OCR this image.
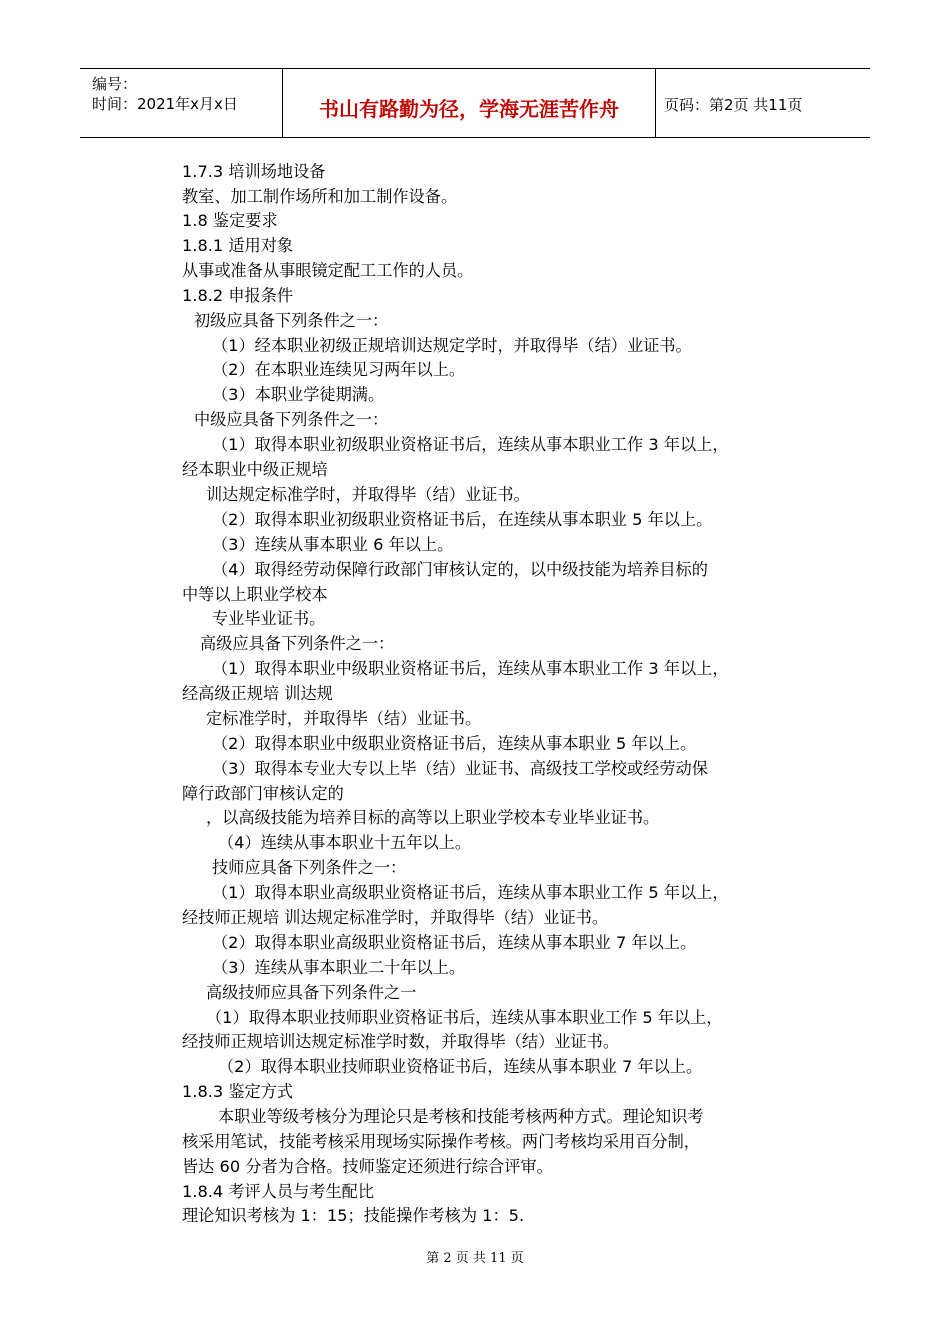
编号：
时间：2021年x月x日	书山有路勤为径，学海无涯苦作舟	页码：第2页 共11页
1.7.3 培训场地设备
教室、加工制作场所和加工制作设备。
1.8 鉴定要求
1.8.1 适用对象
从事或准备从事眼镜定配工工作的人员。
1.8.2 申报条件
初级应具备下列条件之一：
（1）经本职业初级正规培训达规定学时，并取得毕（结）业证书。
（2）在本职业连续见习两年以上。
（3）本职业学徒期满。
中级应具备下列条件之一：
（1）取得本职业初级职业资格证书后，连续从事本职业工作 3 年以上，
经本职业中级正规培
训达规定标准学时，并取得毕（结）业证书。
（2）取得本职业初级职业资格证书后，在连续从事本职业 5 年以上。
（3）连续从事本职业 6 年以上。
（4）取得经劳动保障行政部门审核认定的，以中级技能为培养目标的
中等以上职业学校本
专业毕业证书。
高级应具备下列条件之一：
（1）取得本职业中级职业资格证书后，连续从事本职业工作 3 年以上，
经高级正规培 训达规
定标准学时，并取得毕（结）业证书。
（2）取得本职业中级职业资格证书后，连续从事本职业 5 年以上。
（3）取得本专业大专以上毕（结）业证书、高级技工学校或经劳动保
障行政部门审核认定的
，以高级技能为培养目标的高等以上职业学校本专业毕业证书。
（4）连续从事本职业十五年以上。
技师应具备下列条件之一：
（1）取得本职业高级职业资格证书后，连续从事本职业工作 5 年以上，
经技师正规培 训达规定标准学时，并取得毕（结）业证书。
（2）取得本职业高级职业资格证书后，连续从事本职业 7 年以上。
（3）连续从事本职业二十年以上。
高级技师应具备下列条件之一
（1）取得本职业技师职业资格证书后，连续从事本职业工作 5 年以上，
经技师正规培训达规定标准学时数，并取得毕（结）业证书。
（2）取得本职业技师职业资格证书后，连续从事本职业 7 年以上。
1.8.3 鉴定方式
本职业等级考核分为理论只是考核和技能考核两种方式。理论知识考
核采用笔试，技能考核采用现场实际操作考核。两门考核均采用百分制，
皆达 60 分者为合格。技师鉴定还须进行综合评审。
1.8.4 考评人员与考生配比
理论知识考核为 1：15；技能操作考核为 1：5.
第 2 页 共 11 页
